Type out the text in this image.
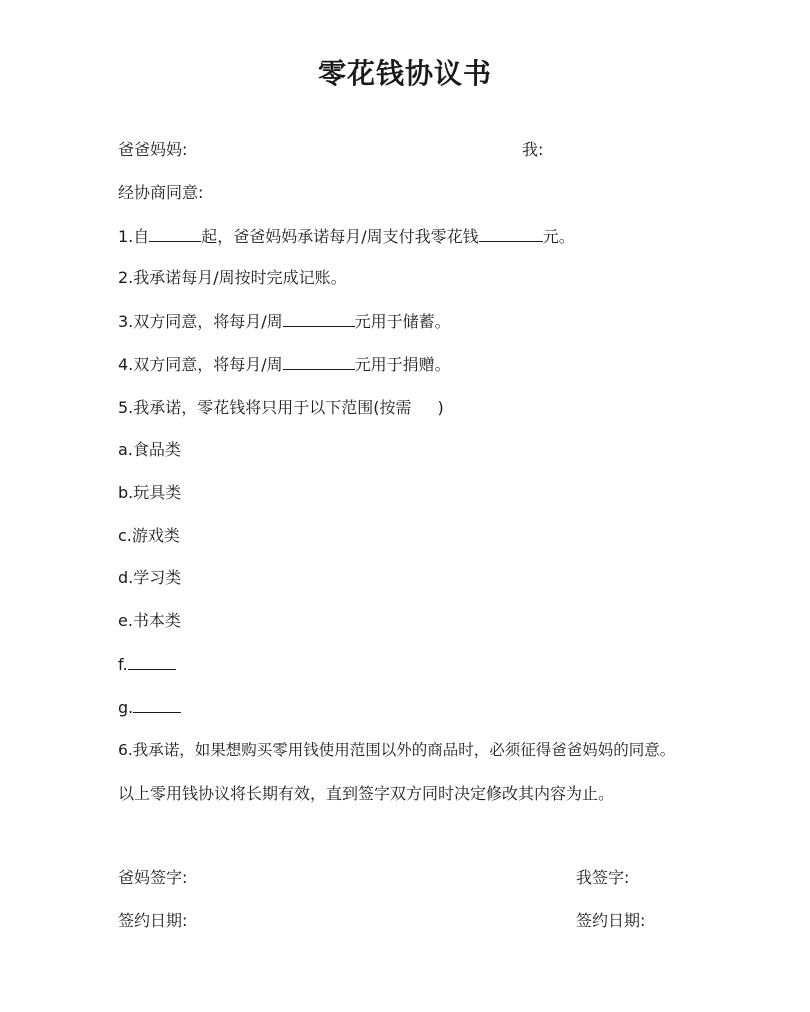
零花钱协议书
爸爸妈妈:	我:
经协商同意:
1.自	起，爸爸妈妈承诺每月/周支付我零花钱	元。
2.我承诺每月/周按时完成记账。
3.双方同意，将每月/周	元用于储蓄。
4.双方同意，将每月/周	元用于捐赠。
5.我承诺，零花钱将只用于以下范围(按需 )
a.食品类
b.玩具类
c.游戏类
d.学习类
e.书本类
f.
g.
6.我承诺，如果想购买零用钱使用范围以外的商品时，必须征得爸爸妈妈的同意。
以上零用钱协议将长期有效，直到签字双方同时决定修改其内容为止。
爸妈签字:	我签字:
签约日期:	签约日期:
